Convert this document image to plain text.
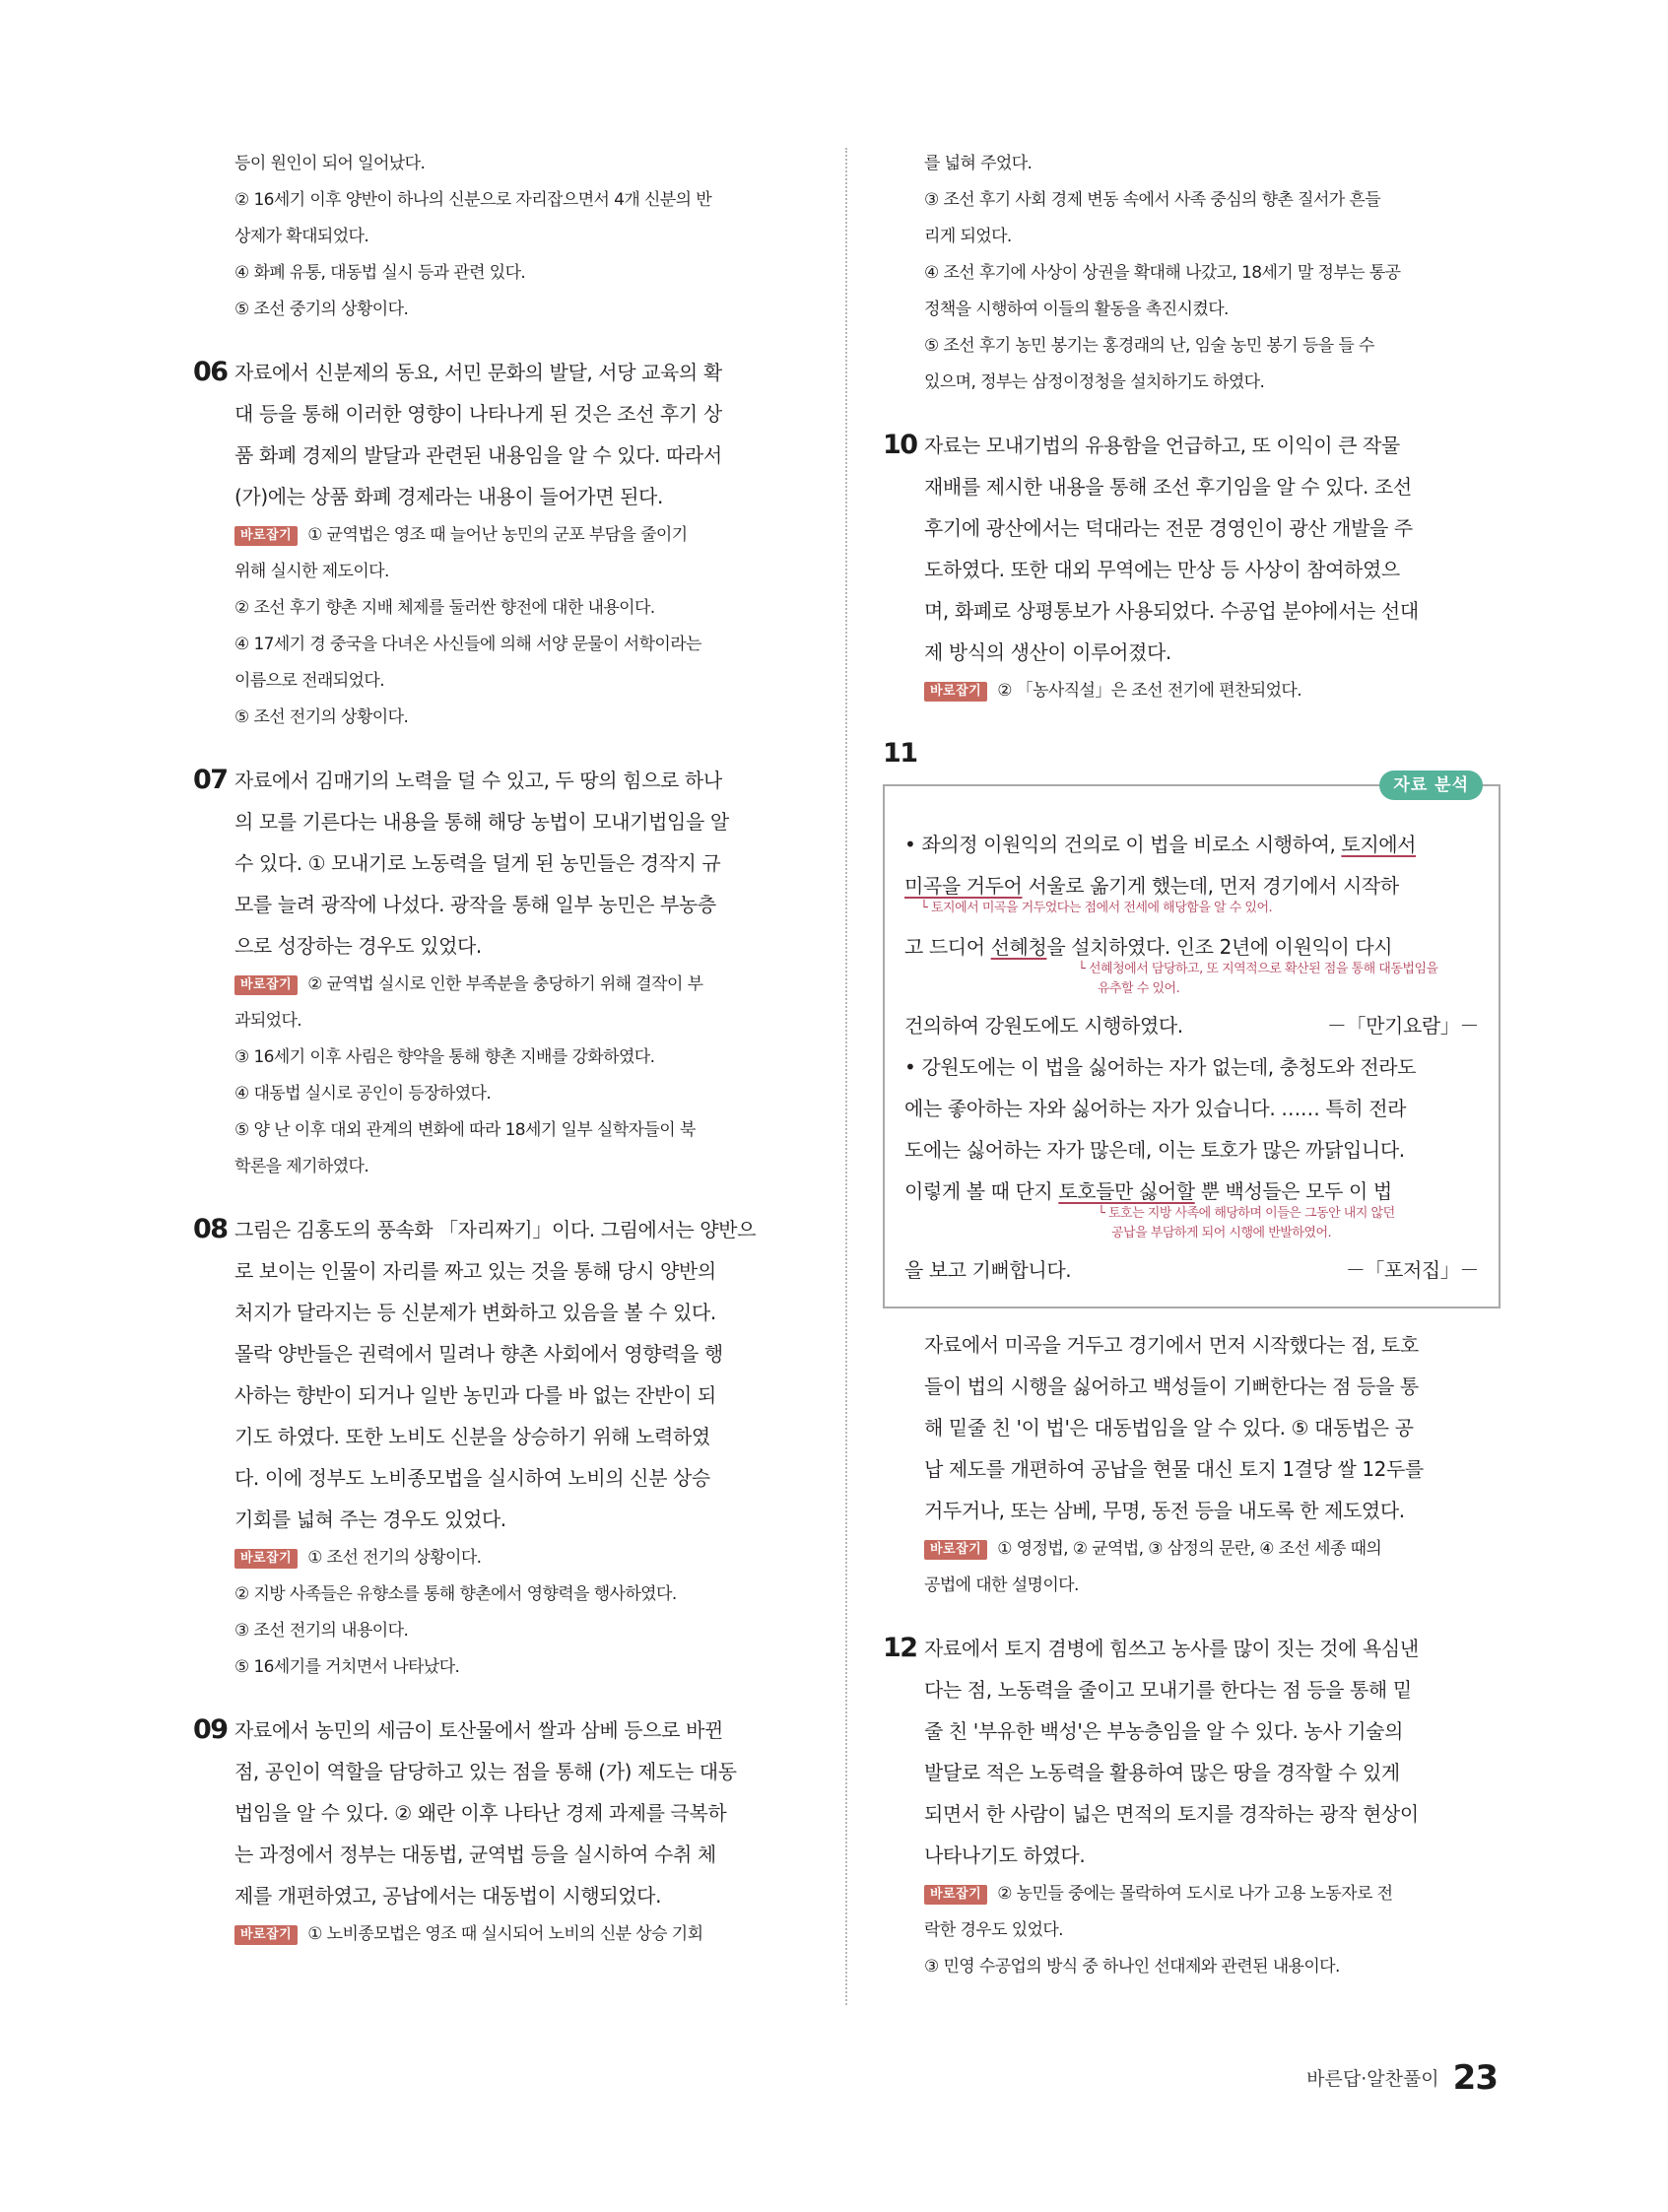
등이 원인이 되어 일어났다.

② 16세기 이후 양반이 하나의 신분으로 자리잡으면서 4개 신분의 반

상제가 확대되었다.

④ 화폐 유통, 대동법 실시 등과 관련 있다.

⑤ 조선 중기의 상황이다.

06 자료에서 신분제의 동요, 서민 문화의 발달, 서당 교육의 확

대 등을 통해 이러한 영향이 나타나게 된 것은 조선 후기 상

품 화폐 경제의 발달과 관련된 내용임을 알 수 있다. 따라서

(가)에는 상품 화폐 경제라는 내용이 들어가면 된다.

바로잡기 ① 균역법은 영조 때 늘어난 농민의 군포 부담을 줄이기

위해 실시한 제도이다.

② 조선 후기 향촌 지배 체제를 둘러싼 향전에 대한 내용이다.

④ 17세기 경 중국을 다녀온 사신들에 의해 서양 문물이 서학이라는

이름으로 전래되었다.

⑤ 조선 전기의 상황이다.

07 자료에서 김매기의 노력을 덜 수 있고, 두 땅의 힘으로 하나

의 모를 기른다는 내용을 통해 해당 농법이 모내기법임을 알

수 있다. ① 모내기로 노동력을 덜게 된 농민들은 경작지 규

모를 늘려 광작에 나섰다. 광작을 통해 일부 농민은 부농층

으로 성장하는 경우도 있었다.

바로잡기 ② 균역법 실시로 인한 부족분을 충당하기 위해 결작이 부

과되었다.

③ 16세기 이후 사림은 향약을 통해 향촌 지배를 강화하였다.

④ 대동법 실시로 공인이 등장하였다.

⑤ 양 난 이후 대외 관계의 변화에 따라 18세기 일부 실학자들이 북

학론을 제기하였다.

08 그림은 김홍도의 풍속화 「자리짜기」이다. 그림에서는 양반으

로 보이는 인물이 자리를 짜고 있는 것을 통해 당시 양반의

처지가 달라지는 등 신분제가 변화하고 있음을 볼 수 있다.

몰락 양반들은 권력에서 밀려나 향촌 사회에서 영향력을 행

사하는 향반이 되거나 일반 농민과 다를 바 없는 잔반이 되

기도 하였다. 또한 노비도 신분을 상승하기 위해 노력하였

다. 이에 정부도 노비종모법을 실시하여 노비의 신분 상승

기회를 넓혀 주는 경우도 있었다.

바로잡기 ① 조선 전기의 상황이다.

② 지방 사족들은 유향소를 통해 향촌에서 영향력을 행사하였다.

③ 조선 전기의 내용이다.

⑤ 16세기를 거치면서 나타났다.

09 자료에서 농민의 세금이 토산물에서 쌀과 삼베 등으로 바뀐

점, 공인이 역할을 담당하고 있는 점을 통해 (가) 제도는 대동

법임을 알 수 있다. ② 왜란 이후 나타난 경제 과제를 극복하

는 과정에서 정부는 대동법, 균역법 등을 실시하여 수취 체

제를 개편하였고, 공납에서는 대동법이 시행되었다.

바로잡기 ① 노비종모법은 영조 때 실시되어 노비의 신분 상승 기회

를 넓혀 주었다.

③ 조선 후기 사회 경제 변동 속에서 사족 중심의 향촌 질서가 흔들

리게 되었다.

④ 조선 후기에 사상이 상권을 확대해 나갔고, 18세기 말 정부는 통공

정책을 시행하여 이들의 활동을 촉진시켰다.

⑤ 조선 후기 농민 봉기는 홍경래의 난, 임술 농민 봉기 등을 들 수

있으며, 정부는 삼정이정청을 설치하기도 하였다.

10 자료는 모내기법의 유용함을 언급하고, 또 이익이 큰 작물

재배를 제시한 내용을 통해 조선 후기임을 알 수 있다. 조선

후기에 광산에서는 덕대라는 전문 경영인이 광산 개발을 주

도하였다. 또한 대외 무역에는 만상 등 사상이 참여하였으

며, 화폐로 상평통보가 사용되었다. 수공업 분야에서는 선대

제 방식의 생산이 이루어졌다.

바로잡기 ② 「농사직설」은 조선 전기에 편찬되었다.

11
자료 분석

• 좌의정 이원익의 건의로 이 법을 비로소 시행하여, 토지에서

미곡을 거두어 서울로 옮기게 했는데, 먼저 경기에서 시작하

└ 토지에서 미곡을 거두었다는 점에서 전세에 해당함을 알 수 있어.

고 드디어 선혜청을 설치하였다. 인조 2년에 이원익이 다시

└ 선혜청에서 담당하고, 또 지역적으로 확산된 점을 통해 대동법임을

유추할 수 있어.

건의하여 강원도에도 시행하였다.	－「만기요람」－

• 강원도에는 이 법을 싫어하는 자가 없는데, 충청도와 전라도

에는 좋아하는 자와 싫어하는 자가 있습니다. …… 특히 전라

도에는 싫어하는 자가 많은데, 이는 토호가 많은 까닭입니다.

이렇게 볼 때 단지 토호들만 싫어할 뿐 백성들은 모두 이 법

└ 토호는 지방 사족에 해당하며 이들은 그동안 내지 않던

공납을 부담하게 되어 시행에 반발하였어.

을 보고 기뻐합니다.	－「포저집」－

자료에서 미곡을 거두고 경기에서 먼저 시작했다는 점, 토호

들이 법의 시행을 싫어하고 백성들이 기뻐한다는 점 등을 통

해 밑줄 친 '이 법'은 대동법임을 알 수 있다. ⑤ 대동법은 공

납 제도를 개편하여 공납을 현물 대신 토지 1결당 쌀 12두를

거두거나, 또는 삼베, 무명, 동전 등을 내도록 한 제도였다.

바로잡기 ① 영정법, ② 균역법, ③ 삼정의 문란, ④ 조선 세종 때의

공법에 대한 설명이다.

12 자료에서 토지 겸병에 힘쓰고 농사를 많이 짓는 것에 욕심낸

다는 점, 노동력을 줄이고 모내기를 한다는 점 등을 통해 밑

줄 친 '부유한 백성'은 부농층임을 알 수 있다. 농사 기술의

발달로 적은 노동력을 활용하여 많은 땅을 경작할 수 있게

되면서 한 사람이 넓은 면적의 토지를 경작하는 광작 현상이

나타나기도 하였다.

바로잡기 ② 농민들 중에는 몰락하여 도시로 나가 고용 노동자로 전

락한 경우도 있었다.

③ 민영 수공업의 방식 중 하나인 선대제와 관련된 내용이다.

바른답·알찬풀이 23
